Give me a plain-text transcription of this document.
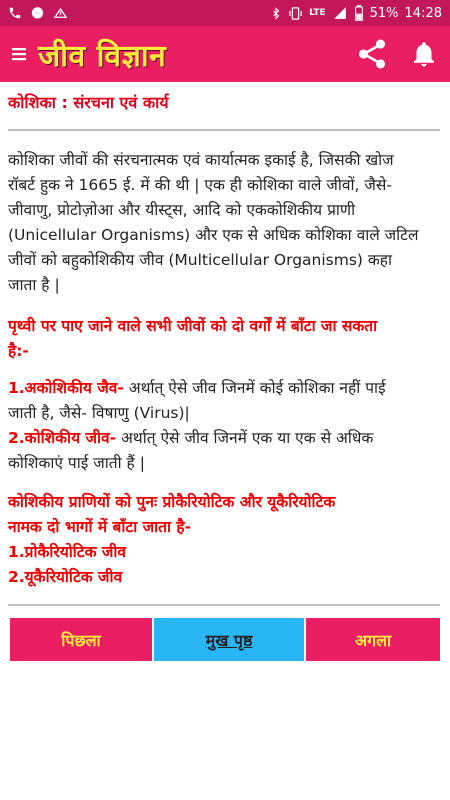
LTE	51% 14:28
जीव विज्ञान
कोशिका : संरचना एवं कार्य
कोशिका जीवों की संरचनात्मक एवं कार्यात्मक इकाई है, जिसकी खोज
रॉबर्ट हुक ने 1665 ई. में की थी | एक ही कोशिका वाले जीवों, जैसे-
जीवाणु, प्रोटोज़ोआ और यीस्ट्स, आदि को एककोशिकीय प्राणी
(Unicellular Organisms) और एक से अधिक कोशिका वाले जटिल
जीवों को बहुकोशिकीय जीव (Multicellular Organisms) कहा
जाता है |
पृथ्वी पर पाए जाने वाले सभी जीवों को दो वर्गों में बाँटा जा सकता
है:-
1.अकोशिकीय जैव- अर्थात् ऐसे जीव जिनमें कोई कोशिका नहीं पाई
जाती है, जैसे- विषाणु (Virus)|
2.कोशिकीय जीव- अर्थात् ऐसे जीव जिनमें एक या एक से अधिक
कोशिकाएं पाई जाती हैं |
कोशिकीय प्राणियों को पुनः प्रोकैरियोटिक और यूकैरियोटिक
नामक दो भागों में बाँटा जाता है-
1.प्रोकैरियोटिक जीव
2.यूकैरियोटिक जीव
पिछला	मुख पृष्ठ	अगला
